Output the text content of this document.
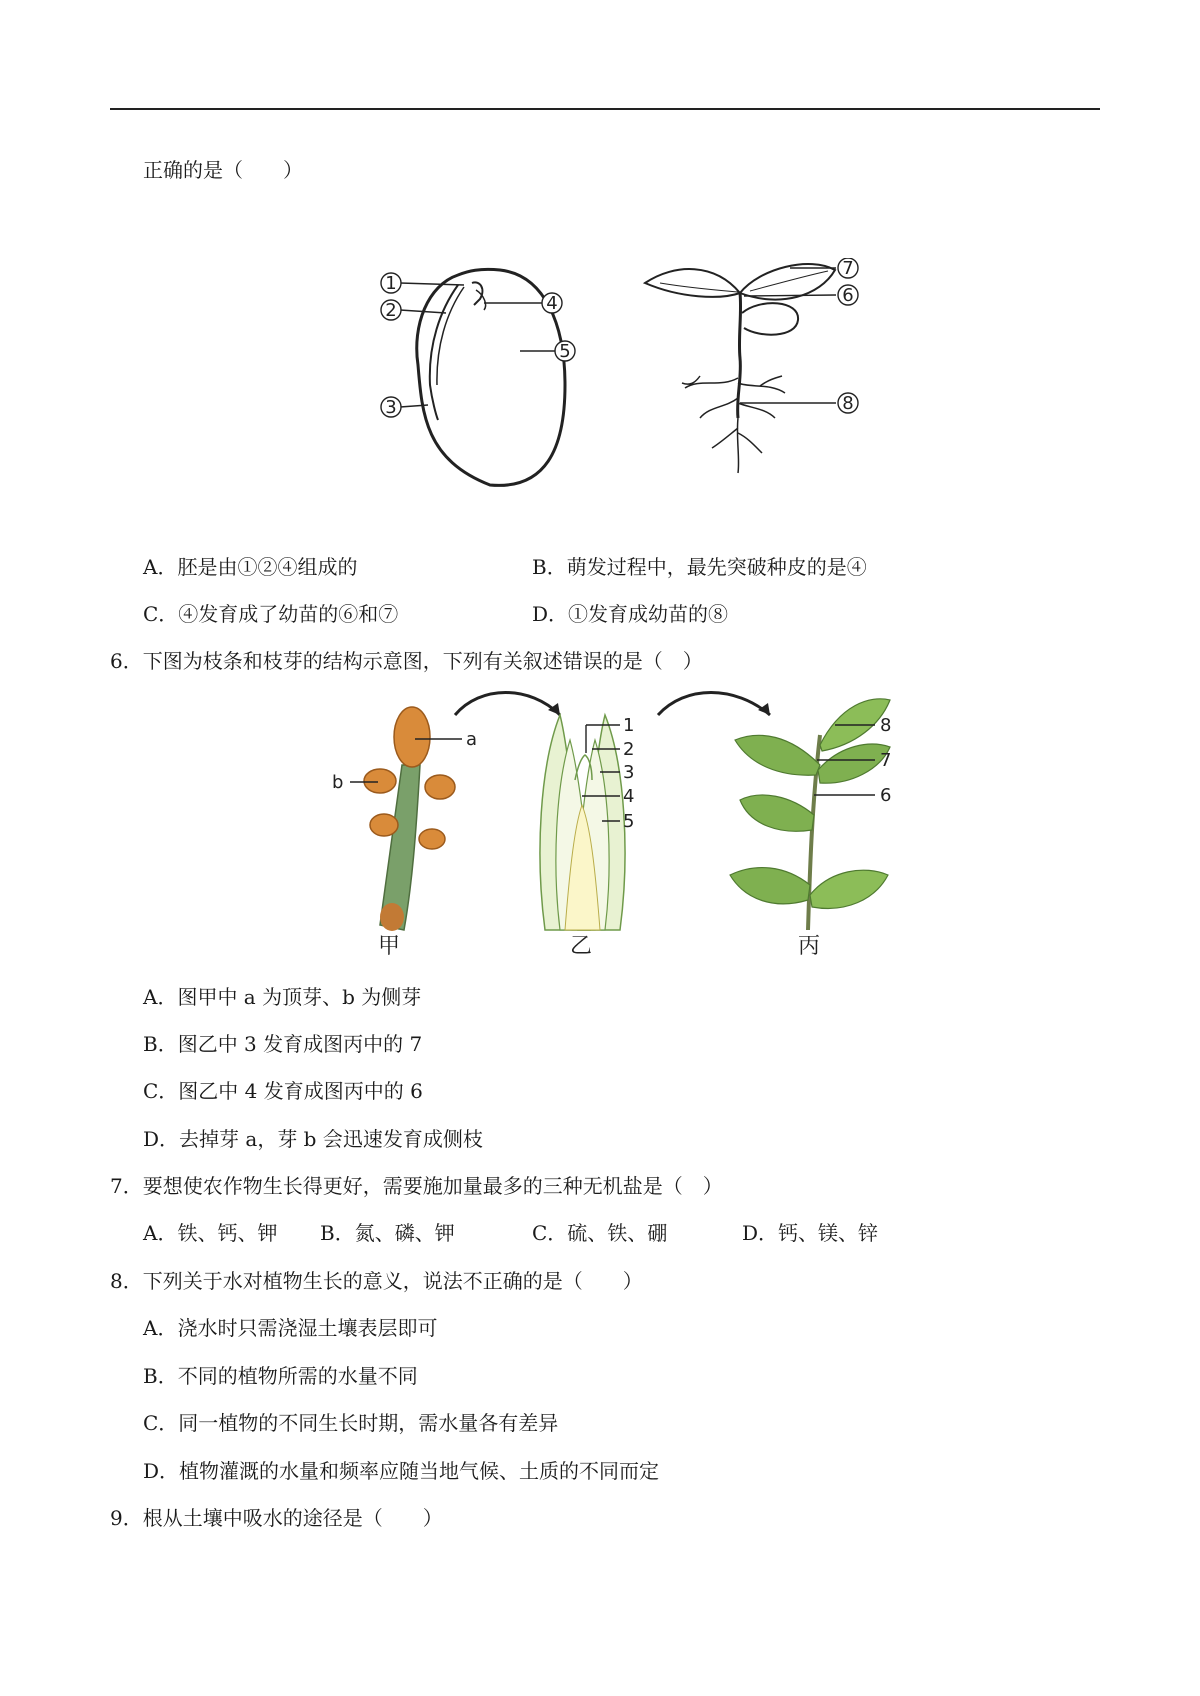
正确的是（　　）
1
2
3
4
5
7
6
8
A．胚是由①②④组成的	B．萌发过程中，最先突破种皮的是④
C．④发育成了幼苗的⑥和⑦	D．①发育成幼苗的⑧
6．下图为枝条和枝芽的结构示意图，下列有关叙述错误的是（　）
a
b
1
2
3
4
5
8
7
6
甲	乙	丙
A．图甲中 a 为顶芽、b 为侧芽
B．图乙中 3 发育成图丙中的 7
C．图乙中 4 发育成图丙中的 6
D．去掉芽 a，芽 b 会迅速发育成侧枝
7．要想使农作物生长得更好，需要施加量最多的三种无机盐是（　）
A．铁、钙、钾 B．氮、磷、钾	C．硫、铁、硼	D．钙、镁、锌
8．下列关于水对植物生长的意义，说法不正确的是（　　）
A．浇水时只需浇湿土壤表层即可
B．不同的植物所需的水量不同
C．同一植物的不同生长时期，需水量各有差异
D．植物灌溉的水量和频率应随当地气候、土质的不同而定
9．根从土壤中吸水的途径是（　　）
